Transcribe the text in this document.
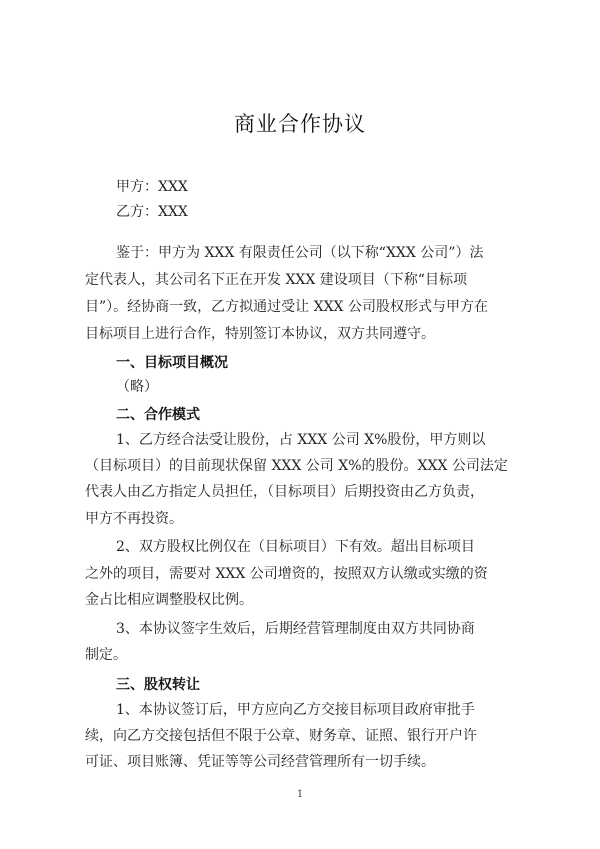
商业合作协议
甲方：XXX
乙方：XXX
鉴于：甲方为 XXX 有限责任公司（以下称“XXX 公司”）法
定代表人，其公司名下正在开发 XXX 建设项目（下称“目标项
目”）。经协商一致，乙方拟通过受让 XXX 公司股权形式与甲方在
目标项目上进行合作，特别签订本协议，双方共同遵守。
一、目标项目概况
（略）
二、合作模式
1、乙方经合法受让股份，占 XXX 公司 X%股份，甲方则以
（目标项目）的目前现状保留 XXX 公司 X%的股份。XXX 公司法定
代表人由乙方指定人员担任，（目标项目）后期投资由乙方负责，
甲方不再投资。
2、双方股权比例仅在（目标项目）下有效。超出目标项目
之外的项目，需要对 XXX 公司增资的，按照双方认缴或实缴的资
金占比相应调整股权比例。
3、本协议签字生效后，后期经营管理制度由双方共同协商
制定。
三、股权转让
1、本协议签订后，甲方应向乙方交接目标项目政府审批手
续，向乙方交接包括但不限于公章、财务章、证照、银行开户许
可证、项目账簿、凭证等等公司经营管理所有一切手续。
1
